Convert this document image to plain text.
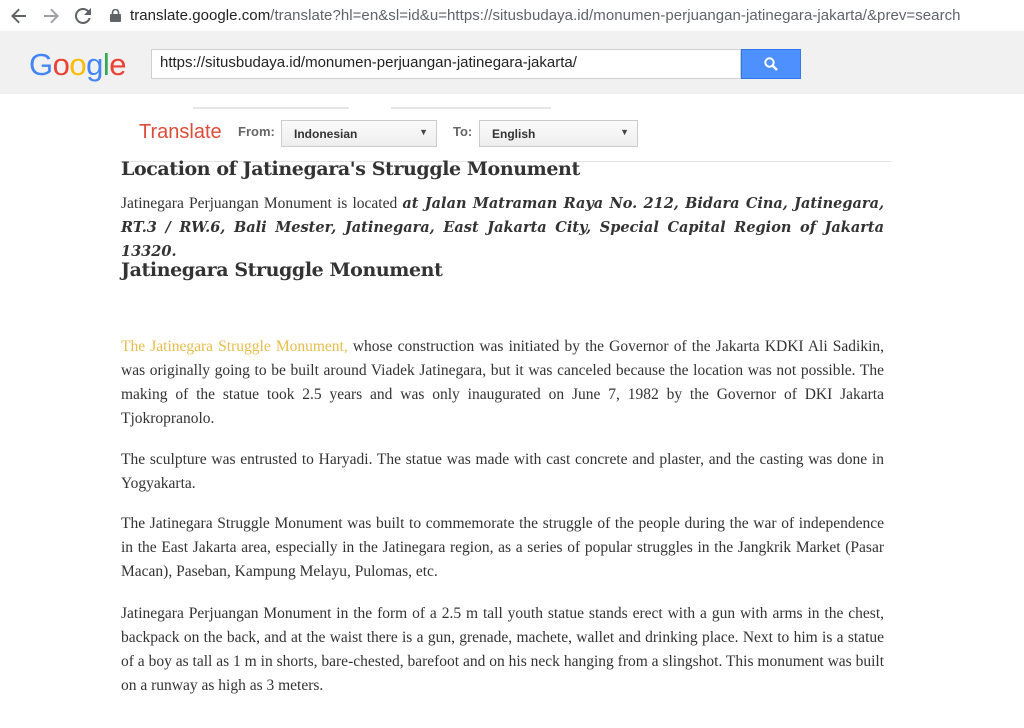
translate.google.com/translate?hl=en&sl=id&u=https://situsbudaya.id/monumen-perjuangan-jatinegara-jakarta/&prev=search
Google	https://situsbudaya.id/monumen-perjuangan-jatinegara-jakarta/
Translate From:	Indonesian	▼ To:	English	▼
Location of Jatinegara's Struggle Monument
Jatinegara Perjuangan Monument is located at Jalan Matraman Raya No. 212, Bidara Cina, Jatinegara, RT.3 / RW.6, Bali Mester, Jatinegara, East Jakarta City, Special Capital Region of Jakarta 13320.
Jatinegara Struggle Monument
The Jatinegara Struggle Monument, whose construction was initiated by the Governor of the Jakarta KDKI Ali Sadikin, was originally going to be built around Viadek Jatinegara, but it was canceled because the location was not possible. The making of the statue took 2.5 years and was only inaugurated on June 7, 1982 by the Governor of DKI Jakarta Tjokropranolo.
The sculpture was entrusted to Haryadi. The statue was made with cast concrete and plaster, and the casting was done in Yogyakarta.
The Jatinegara Struggle Monument was built to commemorate the struggle of the people during the war of independence in the East Jakarta area, especially in the Jatinegara region, as a series of popular struggles in the Jangkrik Market (Pasar Macan), Paseban, Kampung Melayu, Pulomas, etc.
Jatinegara Perjuangan Monument in the form of a 2.5 m tall youth statue stands erect with a gun with arms in the chest, backpack on the back, and at the waist there is a gun, grenade, machete, wallet and drinking place. Next to him is a statue of a boy as tall as 1 m in shorts, bare-chested, barefoot and on his neck hanging from a slingshot. This monument was built on a runway as high as 3 meters.
